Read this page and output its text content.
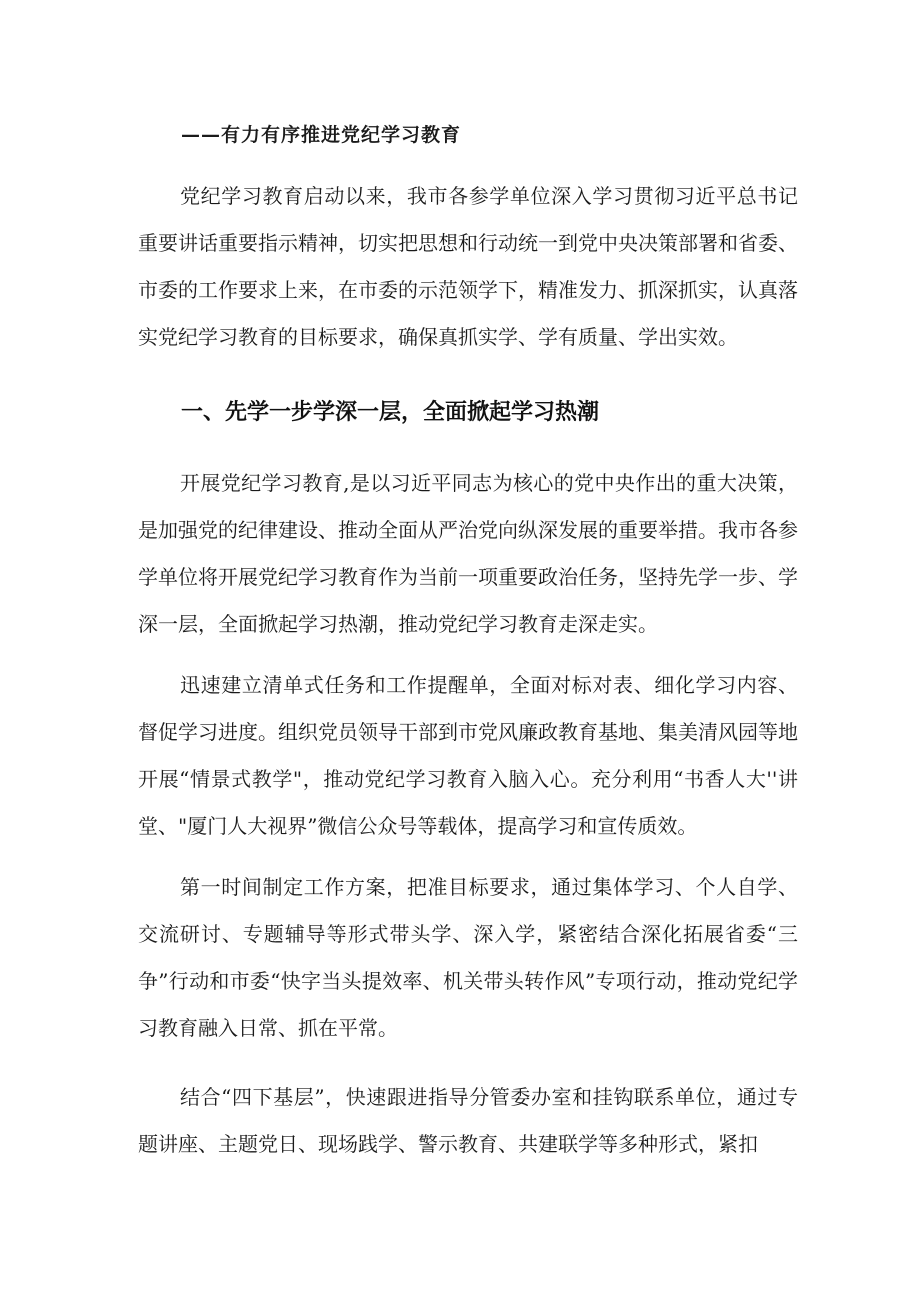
——有力有序推进党纪学习教育

党纪学习教育启动以来，我市各参学单位深入学习贯彻习近平总书记重要讲话重要指示精神，切实把思想和行动统一到党中央决策部署和省委、市委的工作要求上来，在市委的示范领学下，精准发力、抓深抓实，认真落实党纪学习教育的目标要求，确保真抓实学、学有质量、学出实效。

一、先学一步学深一层，全面掀起学习热潮

开展党纪学习教育,是以习近平同志为核心的党中央作出的重大决策，是加强党的纪律建设、推动全面从严治党向纵深发展的重要举措。我市各参学单位将开展党纪学习教育作为当前一项重要政治任务，坚持先学一步、学深一层，全面掀起学习热潮，推动党纪学习教育走深走实。

迅速建立清单式任务和工作提醒单，全面对标对表、细化学习内容、督促学习进度。组织党员领导干部到市党风廉政教育基地、集美清风园等地开展“情景式教学"，推动党纪学习教育入脑入心。充分利用“书香人大''讲堂、"厦门人大视界”微信公众号等载体，提高学习和宣传质效。

第一时间制定工作方案，把准目标要求，通过集体学习、个人自学、交流研讨、专题辅导等形式带头学、深入学，紧密结合深化拓展省委“三争”行动和市委“快字当头提效率、机关带头转作风”专项行动，推动党纪学习教育融入日常、抓在平常。

结合“四下基层”，快速跟进指导分管委办室和挂钩联系单位，通过专题讲座、主题党日、现场践学、警示教育、共建联学等多种形式，紧扣
